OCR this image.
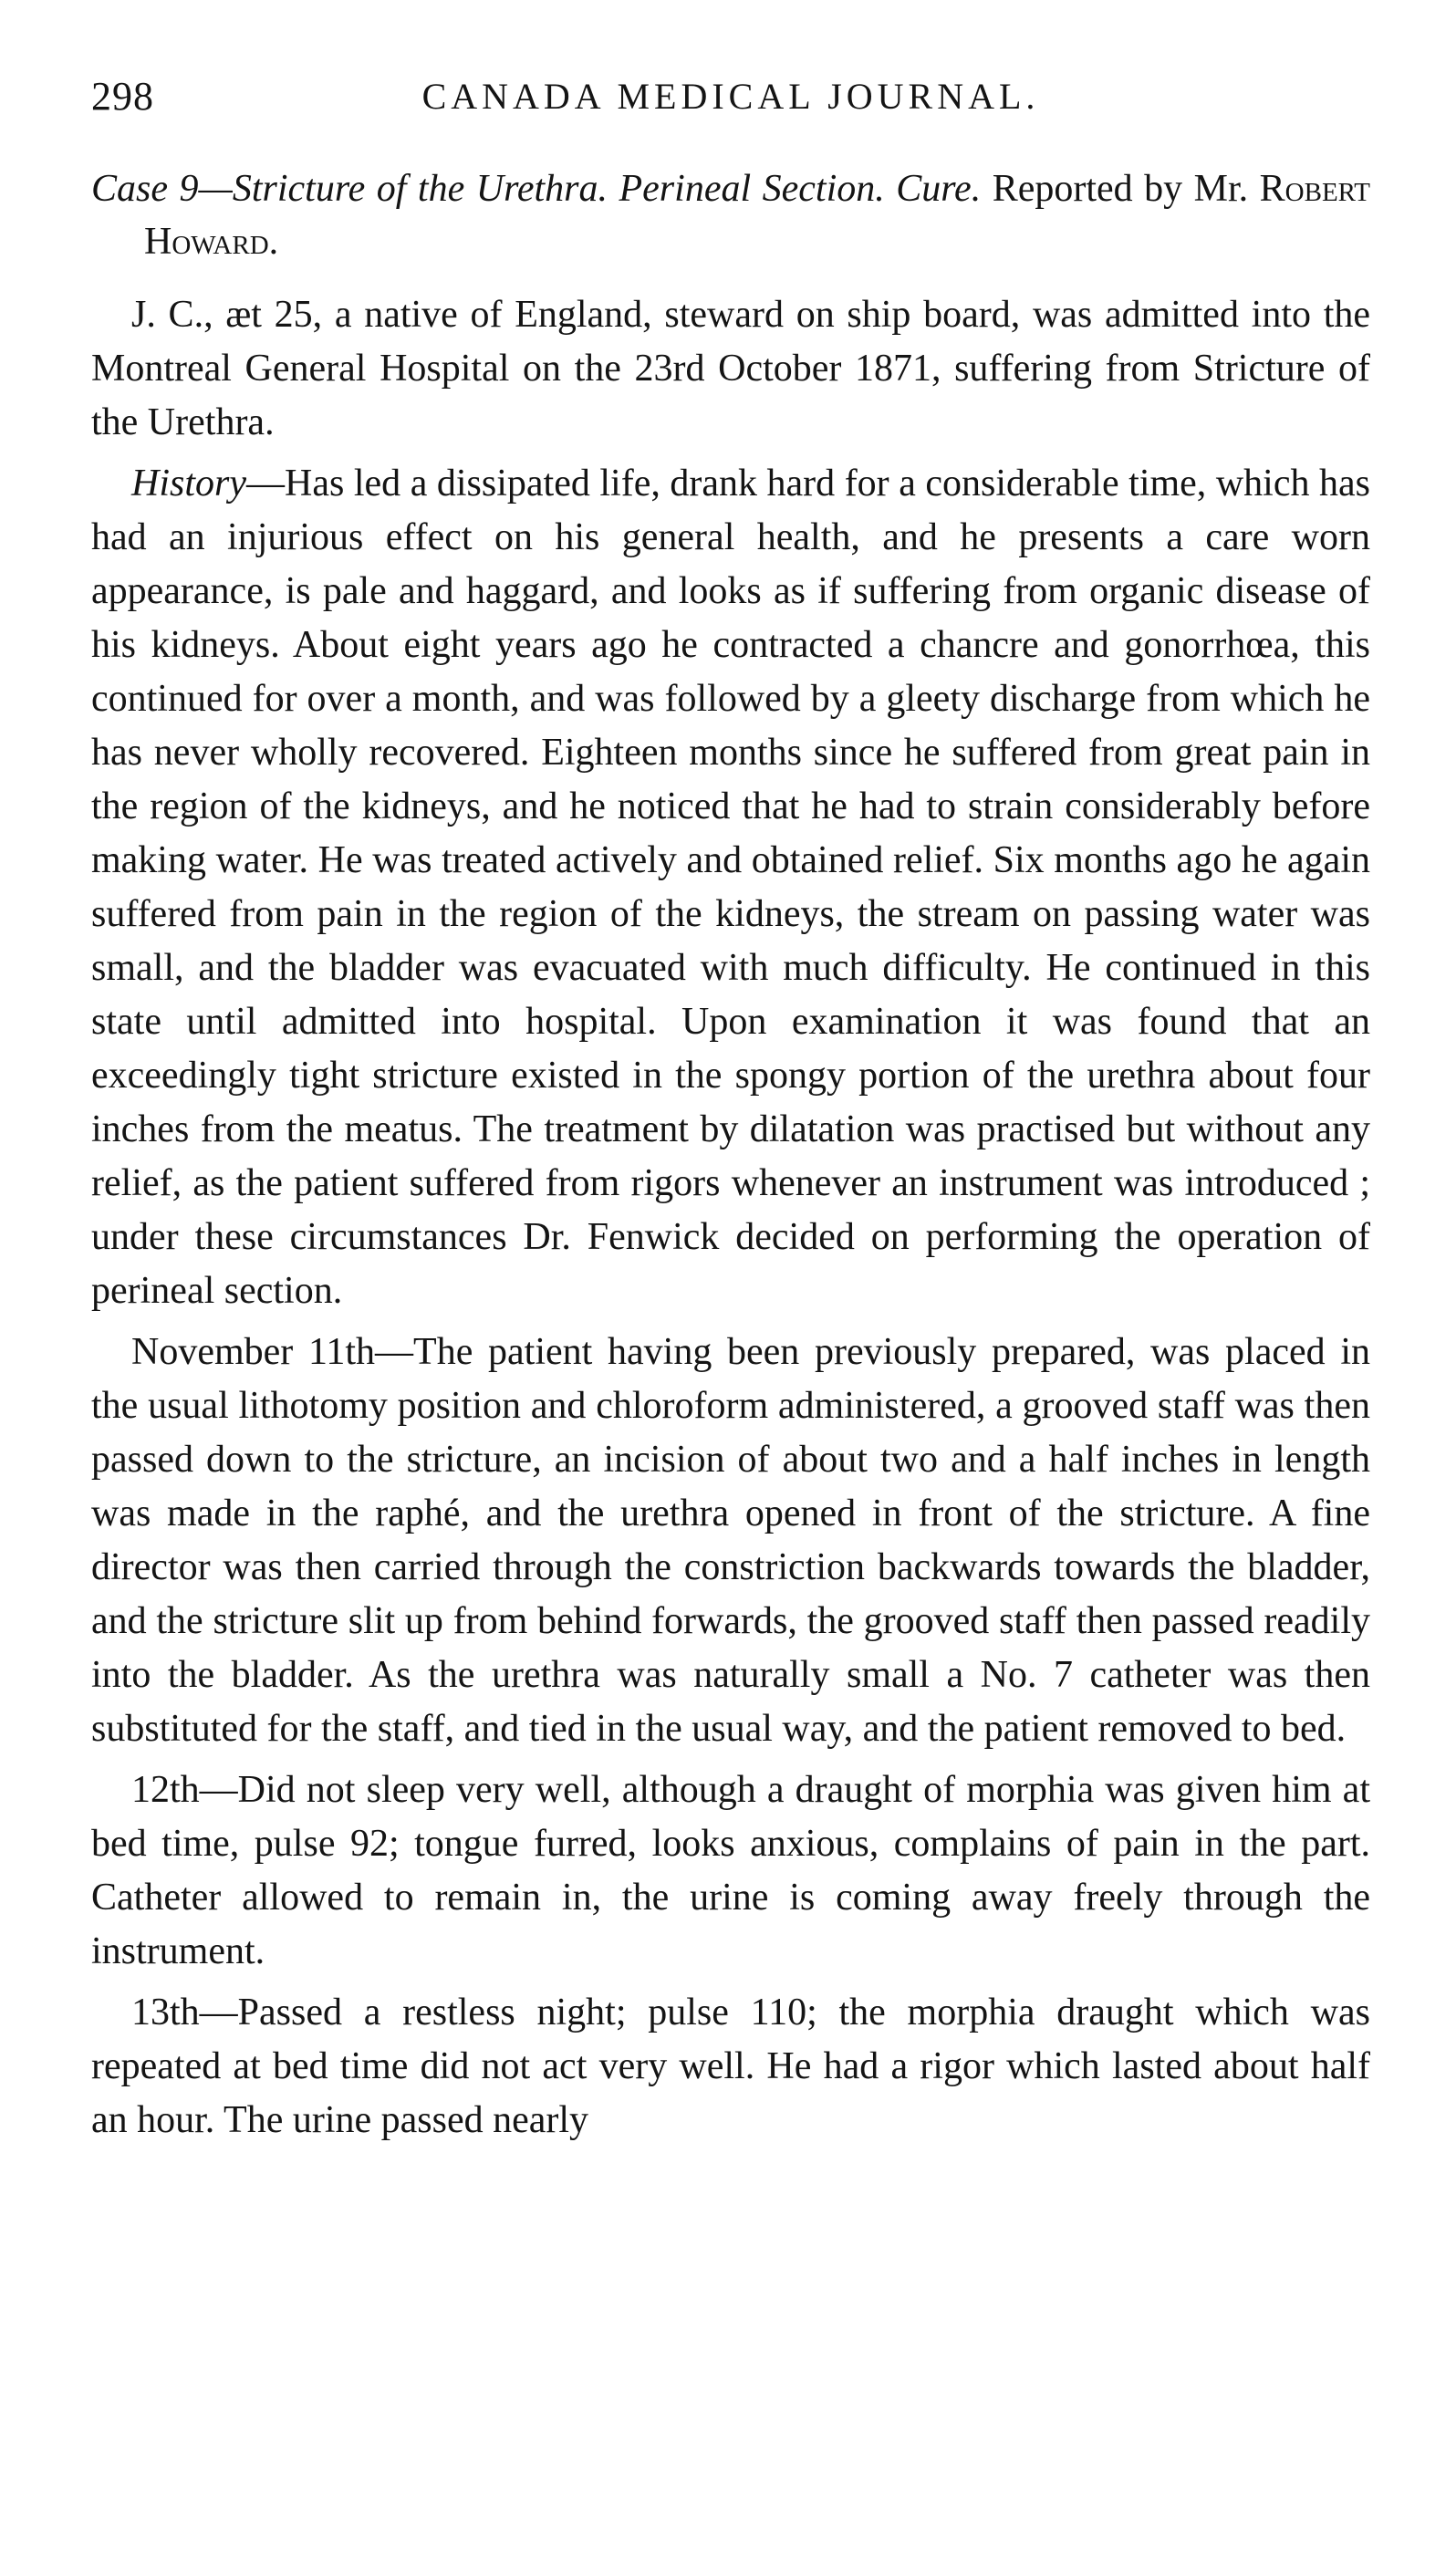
298	CANADA MEDICAL JOURNAL.
Case 9—Stricture of the Urethra. Perineal Section. Cure. Reported by Mr. Robert Howard.

J. C., æt 25, a native of England, steward on ship board, was admitted into the Montreal General Hospital on the 23rd October 1871, suffering from Stricture of the Urethra.

History—Has led a dissipated life, drank hard for a considerable time, which has had an injurious effect on his general health, and he presents a care worn appearance, is pale and haggard, and looks as if suffering from organic disease of his kidneys. About eight years ago he contracted a chancre and gonorrhœa, this continued for over a month, and was followed by a gleety discharge from which he has never wholly recovered. Eighteen months since he suffered from great pain in the region of the kidneys, and he noticed that he had to strain considerably before making water. He was treated actively and obtained relief. Six months ago he again suffered from pain in the region of the kidneys, the stream on passing water was small, and the bladder was evacuated with much difficulty. He continued in this state until admitted into hospital. Upon examination it was found that an exceedingly tight stricture existed in the spongy portion of the urethra about four inches from the meatus. The treatment by dilatation was practised but without any relief, as the patient suffered from rigors whenever an instrument was introduced ; under these circumstances Dr. Fenwick decided on performing the operation of perineal section.

November 11th—The patient having been previously prepared, was placed in the usual lithotomy position and chloroform administered, a grooved staff was then passed down to the stricture, an incision of about two and a half inches in length was made in the raphé, and the urethra opened in front of the stricture. A fine director was then carried through the constriction backwards towards the bladder, and the stricture slit up from behind forwards, the grooved staff then passed readily into the bladder. As the urethra was naturally small a No. 7 catheter was then substituted for the staff, and tied in the usual way, and the patient removed to bed.

12th—Did not sleep very well, although a draught of morphia was given him at bed time, pulse 92; tongue furred, looks anxious, complains of pain in the part. Catheter allowed to remain in, the urine is coming away freely through the instrument.

13th—Passed a restless night; pulse 110; the morphia draught which was repeated at bed time did not act very well. He had a rigor which lasted about half an hour. The urine passed nearly
